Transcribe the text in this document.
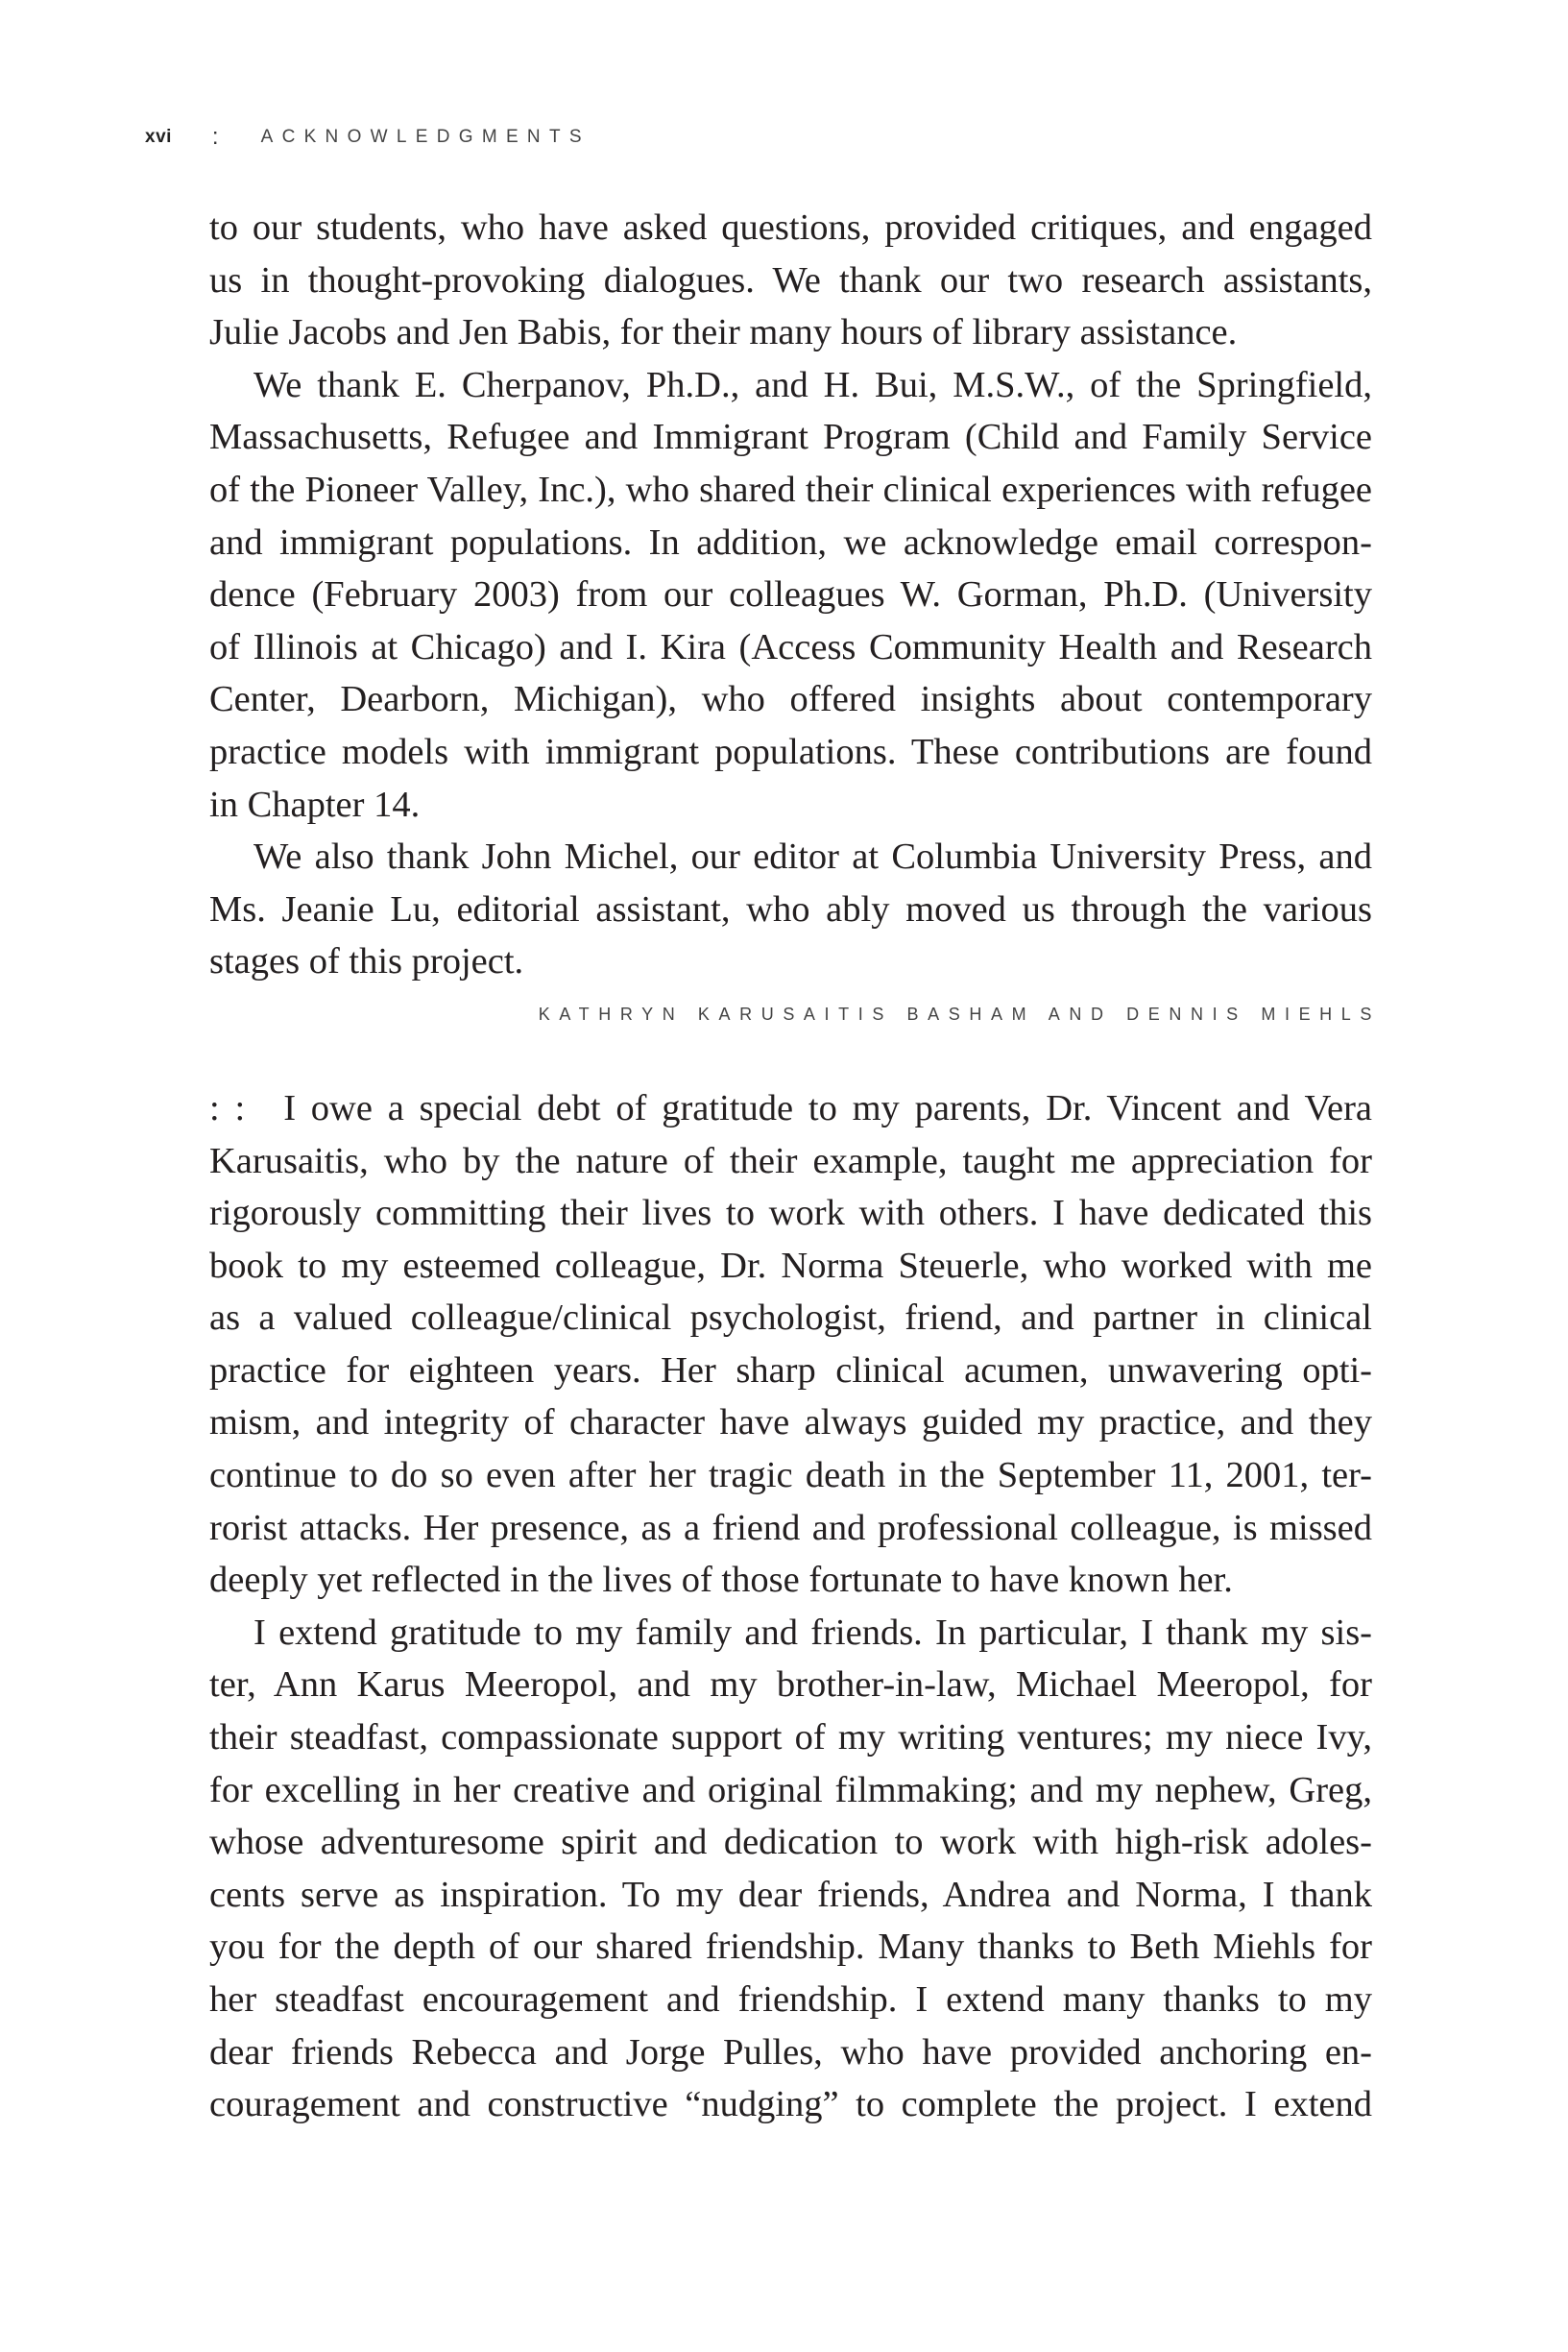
xvi : ACKNOWLEDGMENTS
to our students, who have asked questions, provided critiques, and engaged
us in thought-provoking dialogues. We thank our two research assistants,
Julie Jacobs and Jen Babis, for their many hours of library assistance.
We thank E. Cherpanov, Ph.D., and H. Bui, M.S.W., of the Springfield,
Massachusetts, Refugee and Immigrant Program (Child and Family Service
of the Pioneer Valley, Inc.), who shared their clinical experiences with refugee
and immigrant populations. In addition, we acknowledge email correspon-
dence (February 2003) from our colleagues W. Gorman, Ph.D. (University
of Illinois at Chicago) and I. Kira (Access Community Health and Research
Center, Dearborn, Michigan), who offered insights about contemporary
practice models with immigrant populations. These contributions are found
in Chapter 14.
We also thank John Michel, our editor at Columbia University Press, and
Ms. Jeanie Lu, editorial assistant, who ably moved us through the various
stages of this project.
KATHRYN KARUSAITIS BASHAM AND DENNIS MIEHLS
: : I owe a special debt of gratitude to my parents, Dr. Vincent and Vera
Karusaitis, who by the nature of their example, taught me appreciation for
rigorously committing their lives to work with others. I have dedicated this
book to my esteemed colleague, Dr. Norma Steuerle, who worked with me
as a valued colleague/clinical psychologist, friend, and partner in clinical
practice for eighteen years. Her sharp clinical acumen, unwavering opti-
mism, and integrity of character have always guided my practice, and they
continue to do so even after her tragic death in the September 11, 2001, ter-
rorist attacks. Her presence, as a friend and professional colleague, is missed
deeply yet reflected in the lives of those fortunate to have known her.
I extend gratitude to my family and friends. In particular, I thank my sis-
ter, Ann Karus Meeropol, and my brother-in-law, Michael Meeropol, for
their steadfast, compassionate support of my writing ventures; my niece Ivy,
for excelling in her creative and original filmmaking; and my nephew, Greg,
whose adventuresome spirit and dedication to work with high-risk adoles-
cents serve as inspiration. To my dear friends, Andrea and Norma, I thank
you for the depth of our shared friendship. Many thanks to Beth Miehls for
her steadfast encouragement and friendship. I extend many thanks to my
dear friends Rebecca and Jorge Pulles, who have provided anchoring en-
couragement and constructive “nudging” to complete the project. I extend
